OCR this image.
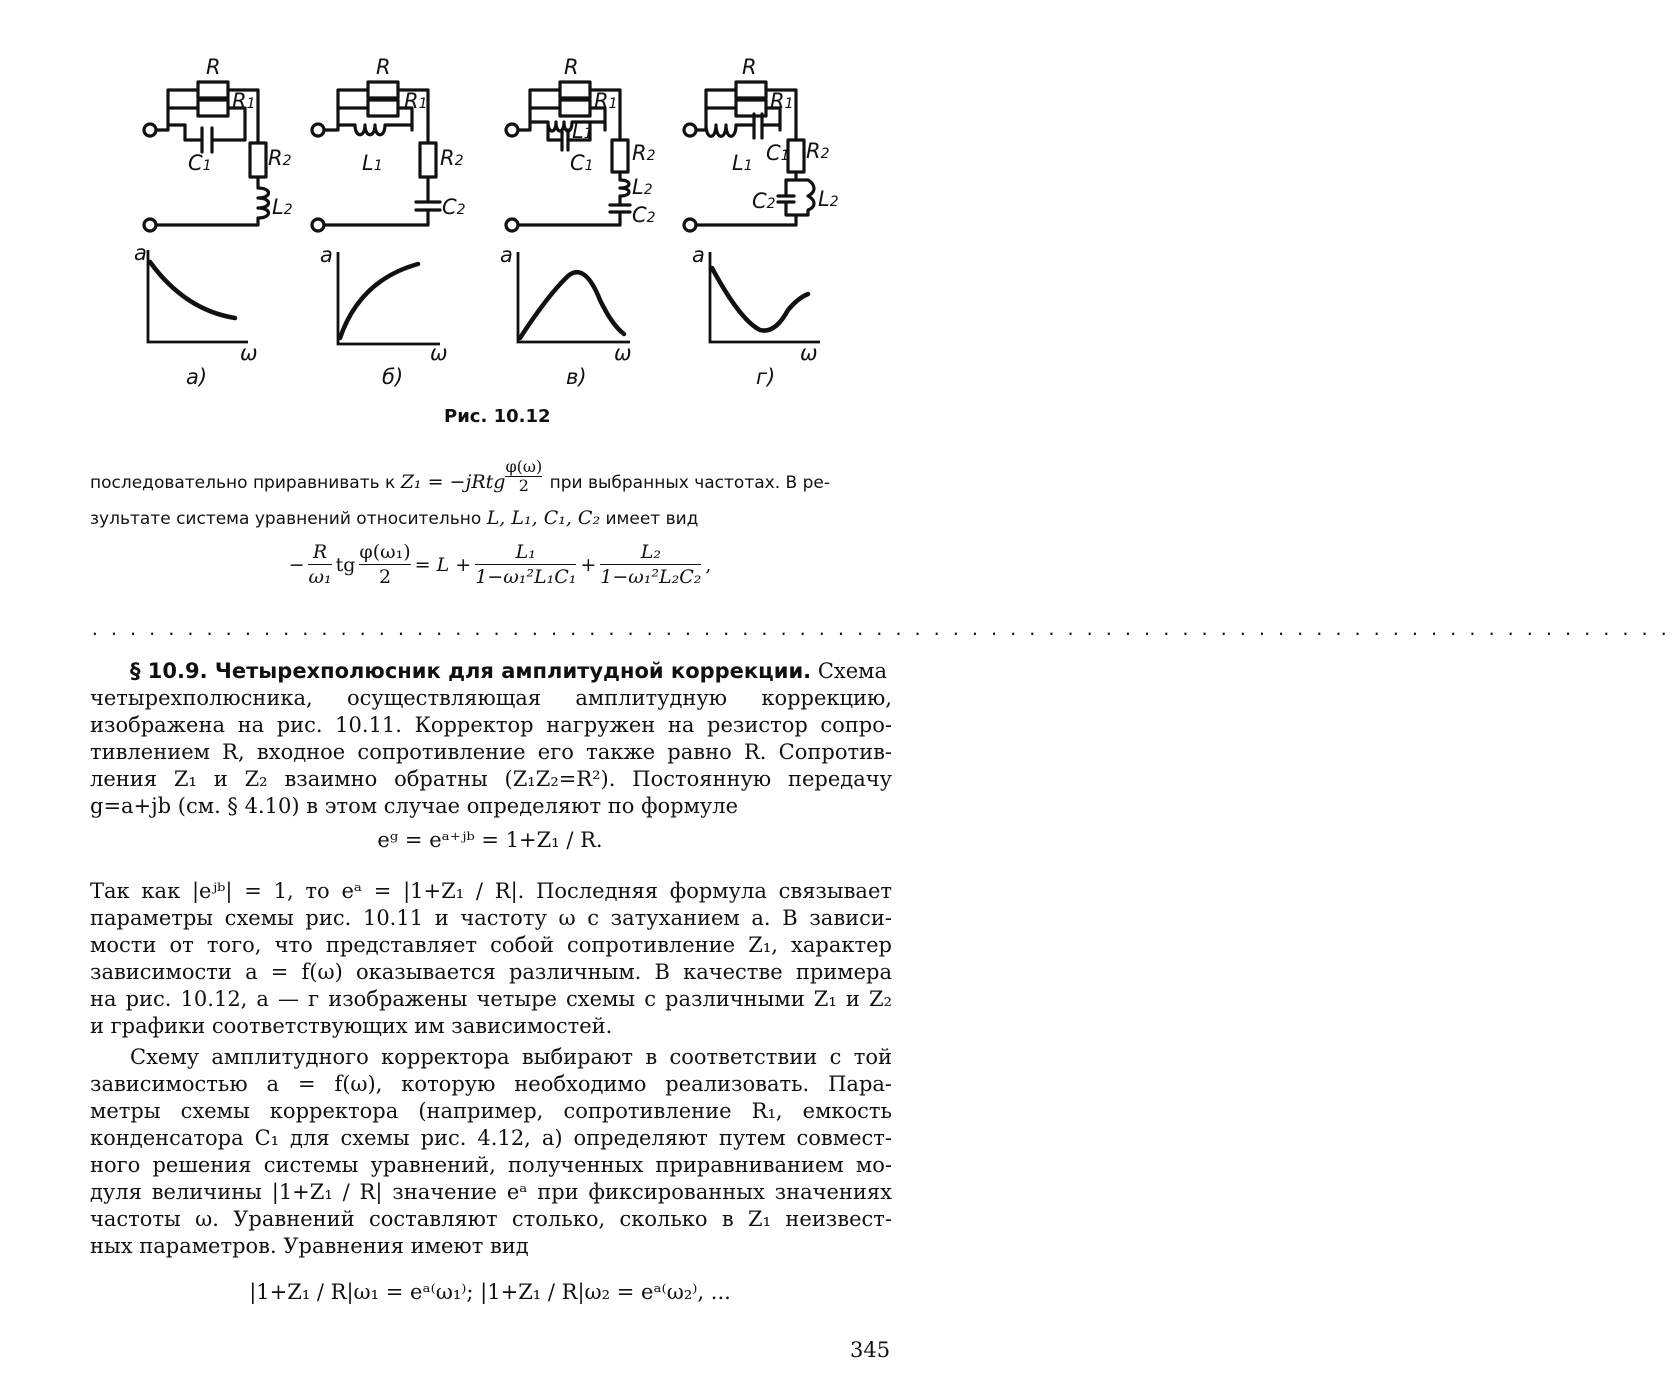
R
R1
C1	R2
L2
a
ω
а)
R
R1
L1	R2
C2
a
ω
б)
R
R1
L1
C1
R2
L2
C2
a
ω
в)
R
R1
L1
C1 R2
C2 L2
a
ω
г)
Рис. 10.12
последовательно приравнивать к Z₁ = −jRtg $\frac{\varphi(\omega)}{2}$ при выбранных частотах. В ре-
зультате система уравнений относительно L, L₁, C₁, C₂ имеет вид
− $\frac{R}{\text{ω₁}}$ tg $\frac{\text{φ(ω₁)}}{2} = L + \frac{\text{L₁}}{\text{1−ω₁²L₁C₁}} + \frac{\text{L₂}}{\text{1−ω₁²L₂C₂}}$ ,
...................................................................................
§ 10.9. Четырехполюсник для амплитудной коррекции. Схема
четырехполюсника, осуществляющая амплитудную коррекцию,
изображена на рис. 10.11. Корректор нагружен на резистор сопро-
тивлением R, входное сопротивление его также равно R. Сопротив-
ления Z₁ и Z₂ взаимно обратны (Z₁Z₂=R²). Постоянную передачу
g=a+jb (см. § 4.10) в этом случае определяют по формуле
eᵍ = eᵃ⁺ʲᵇ = 1+Z₁ / R.
Так как |eʲᵇ| = 1, то eᵃ = |1+Z₁ / R|. Последняя формула связывает
параметры схемы рис. 10.11 и частоту ω с затуханием a. В зависи-
мости от того, что представляет собой сопротивление Z₁, характер
зависимости a = f(ω) оказывается различным. В качестве примера
на рис. 10.12, a — г изображены четыре схемы с различными Z₁ и Z₂
и графики соответствующих им зависимостей.
Схему амплитудного корректора выбирают в соответствии с той
зависимостью a = f(ω), которую необходимо реализовать. Пара-
метры схемы корректора (например, сопротивление R₁, емкость
конденсатора C₁ для схемы рис. 4.12, a) определяют путем совмест-
ного решения системы уравнений, полученных приравниванием мо-
дуля величины |1+Z₁ / R| значение eᵃ при фиксированных значениях
частоты ω. Уравнений составляют столько, сколько в Z₁ неизвест-
ных параметров. Уравнения имеют вид
|1+Z₁ / R|ω₁ = eᵃ⁽ω₁⁾; |1+Z₁ / R|ω₂ = eᵃ⁽ω₂⁾, ...
345
